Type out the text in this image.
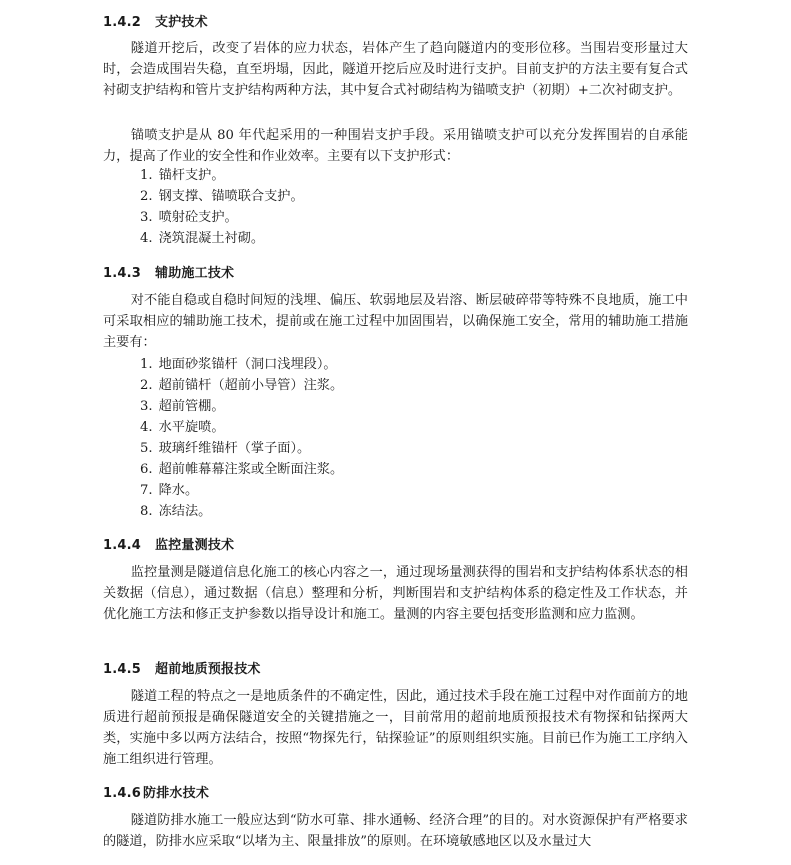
1.4.2 支护技术

隧道开挖后，改变了岩体的应力状态，岩体产生了趋向隧道内的变形位移。当围岩变形量过大时，会造成围岩失稳，直至坍塌，因此，隧道开挖后应及时进行支护。目前支护的方法主要有复合式衬砌支护结构和管片支护结构两种方法，其中复合式衬砌结构为锚喷支护（初期）+二次衬砌支护。

锚喷支护是从 80 年代起采用的一种围岩支护手段。采用锚喷支护可以充分发挥围岩的自承能力，提高了作业的安全性和作业效率。主要有以下支护形式：

1. 锚杆支护。
2. 钢支撑、锚喷联合支护。
3. 喷射砼支护。
4. 浇筑混凝土衬砌。
1.4.3 辅助施工技术

对不能自稳或自稳时间短的浅埋、偏压、软弱地层及岩溶、断层破碎带等特殊不良地质，施工中可采取相应的辅助施工技术，提前或在施工过程中加固围岩，以确保施工安全，常用的辅助施工措施主要有：

1. 地面砂浆锚杆（洞口浅埋段）。
2. 超前锚杆（超前小导管）注浆。
3. 超前管棚。
4. 水平旋喷。
5. 玻璃纤维锚杆（掌子面）。
6. 超前帷幕幕注浆或全断面注浆。
7. 降水。
8. 冻结法。
1.4.4 监控量测技术

监控量测是隧道信息化施工的核心内容之一，通过现场量测获得的围岩和支护结构体系状态的相关数据（信息），通过数据（信息）整理和分析，判断围岩和支护结构体系的稳定性及工作状态，并优化施工方法和修正支护参数以指导设计和施工。量测的内容主要包括变形监测和应力监测。

1.4.5 超前地质预报技术

隧道工程的特点之一是地质条件的不确定性，因此，通过技术手段在施工过程中对作面前方的地质进行超前预报是确保隧道安全的关键措施之一，目前常用的超前地质预报技术有物探和钻探两大类，实施中多以两方法结合，按照“物探先行，钻探验证”的原则组织实施。目前已作为施工工序纳入施工组织进行管理。

1.4.6 防排水技术

隧道防排水施工一般应达到“防水可靠、排水通畅、经济合理”的目的。对水资源保护有严格要求的隧道，防排水应采取“以堵为主、限量排放”的原则。在环境敏感地区以及水量过大
